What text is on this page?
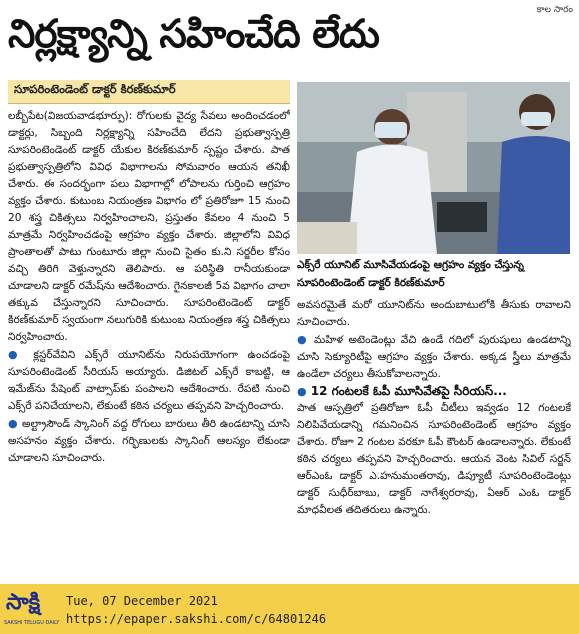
కాల సారం
నిర్లక్ష్యాన్ని సహించేది లేదు
సూపరింటెండెంట్ డాక్టర్ కిరణ్‌కుమార్

లబ్బీపేట(విజయవాడభూర్పు): రోగులకు వైద్య సేవలు అందించడంలో డాక్టర్లు, సిబ్బంది నిర్లక్ష్యాన్ని సహించేది లేదని ప్రభుత్వాస్పత్రి సూపరింటెండెంట్ డాక్టర్ యేకుల కిరణ్‌కుమార్ స్పష్టం చేశారు. పాత ప్రభుత్వాస్పత్రిలోని వివిధ విభాగాలను సోమవారం ఆయన తనిఖీ చేశారు. ఈ సందర్భంగా పలు విభాగాల్లో లోపాలను గుర్తించి ఆగ్రహం వ్యక్తం చేశారు. కుటుంబ నియంత్రణ విభాగం లో ప్రతిరోజూ 15 నుంచి 20 శస్త్ర చికిత్సలు నిర్వహించాలని, ప్రస్తుతం కేవలం 4 నుంచి 5 మాత్రమే నిర్వహించడంపై ఆగ్రహం వ్యక్తం చేశారు. జిల్లాలోని వివిధ ప్రాంతాలతో పాటు గుంటూరు జిల్లా నుంచి సైతం కు.ని సర్జరీల కోసం వచ్చి తిరిగి వెళ్తున్నారని తెలిపారు. ఆ పరిస్థితి రానీయకుండా చూడాలని డాక్టర్ రమేష్‌ను ఆదేశించారు. గైనకాలజీ 5వ విభాగం చాలా తక్కువ చేస్తున్నారని సూచించారు. సూపరింటెండెంట్ డాక్టర్ కిరణ్‌కుమార్ స్వయంగా నలుగురికి కుటుంబ నియంత్రణ శస్త్ర చికిత్సలు నిర్వహించారు.

● క్లస్టర్‌వేవిని ఎక్స్‌రే యూనిట్‌ను నిరుపయోగంగా ఉంచడంపై సూపరింటెండెంట్ సీరియస్ అయ్యారు. డిజిటల్ ఎక్స్‌రే కాబట్టి, ఆ ఇమేజ్‌ను పేషెంట్ వాట్సాప్‌కు పంపాలని ఆదేశించారు. రేపటి నుంచి ఎక్స్‌రే పనిచేయాలని, లేకుంటే కఠిన చర్యలు తప్పవని హెచ్చరించారు.

● అల్ట్రాసౌండ్ స్కానింగ్ వద్ద రోగులు బారులు తీరి ఉండటాన్ని చూసి అసహనం వ్యక్తం చేశారు. గర్భిణులకు స్కానింగ్ ఆలస్యం లేకుండా చూడాలని సూచించారు.

ఎక్స్‌రే యూనిట్ మూసివేయడంపై ఆగ్రహం వ్యక్తం చేస్తున్న సూపరింటెండెంట్ డాక్టర్ కిరణ్‌కుమార్

అవసరమైతే మరో యూనిట్‌ను అందుబాటులోకి తీసుకు రావాలని సూచించారు.

● మహిళ అటెండెంట్లు వేచి ఉండే గదిలో పురుషులు ఉండటాన్ని చూసి సెక్యూరిటీపై ఆగ్రహం వ్యక్తం చేశారు. అక్కడ స్త్రీలు మాత్రమే ఉండేలా చర్యలు తీసుకోవాలన్నారు.

● 12 గంటలకే ఓపీ మూసివేతపై సీరియస్...

పాత ఆస్పత్రిలో ప్రతిరోజూ ఓపీ చీటీలు ఇవ్వడం 12 గంటలకే నిలిపివేయడాన్ని గమనించిన సూపరింటెండెంట్ ఆగ్రహం వ్యక్తం చేశారు. రోజూ 2 గంటల వరకూ ఓపీ కౌంటర్ ఉండాలన్నారు. లేకుంటే కఠిన చర్యలు తప్పవని హెచ్చరించారు. ఆయన వెంట సివిల్ సర్జన్ ఆర్ఎంఓ డాక్టర్ ఎ.హనుమంతరావు, డిప్యూటీ సూపరింటెండెంట్లు డాక్టర్ సుధీర్‌బాబు, డాక్టర్ నాగేశ్వరరావు, ఏఆర్ ఎంఓ డాక్టర్ మాధవీలత తదితరులు ఉన్నారు.

సాక్షి
SAKSHI TELUGU DAILY
Tue, 07 December 2021
https://epaper.sakshi.com/c/64801246
